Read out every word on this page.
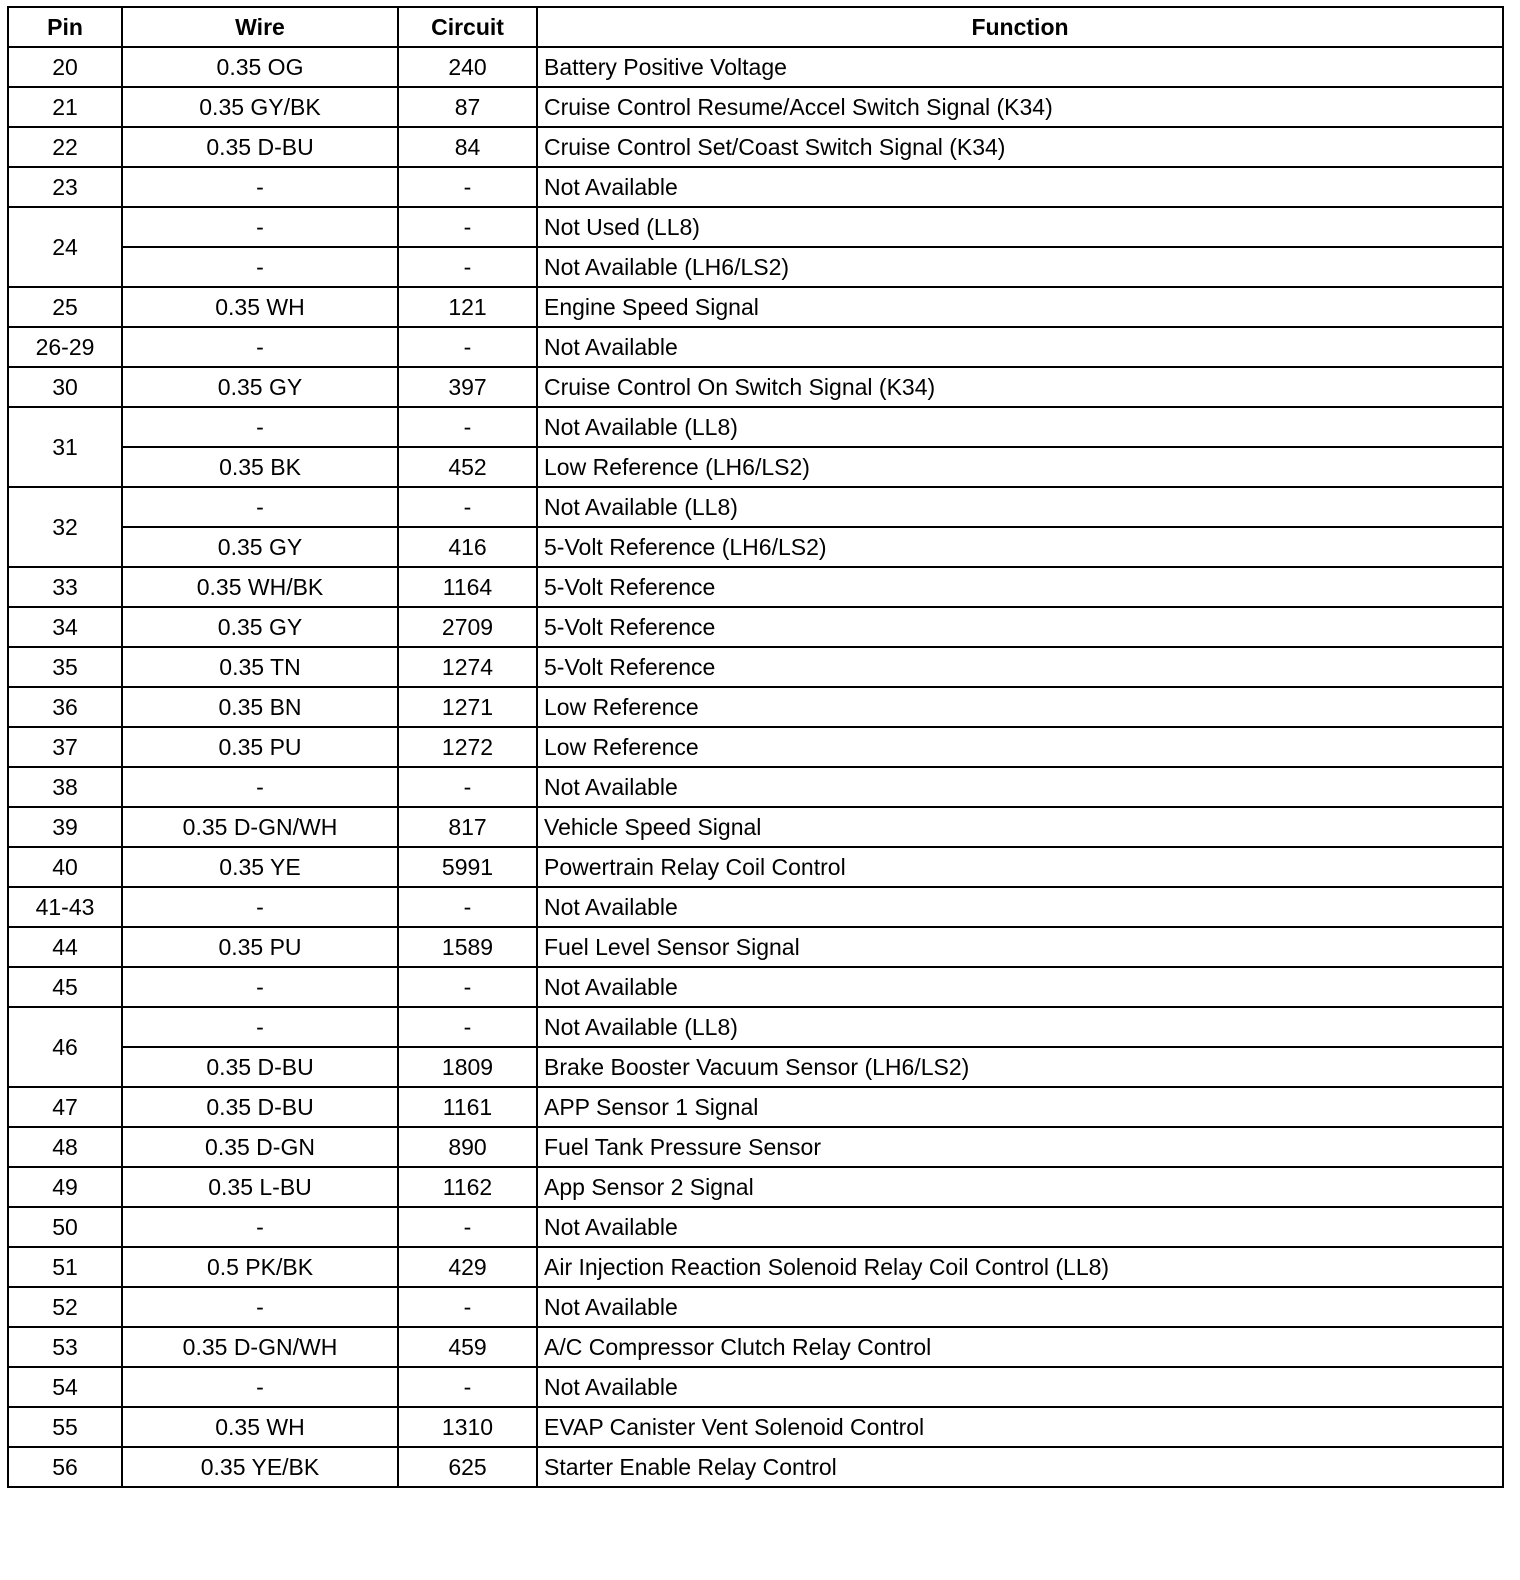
Pin	Wire	Circuit	Function
20	0.35 OG	240	Battery Positive Voltage
21	0.35 GY/BK	87	Cruise Control Resume/Accel Switch Signal (K34)
22	0.35 D-BU	84	Cruise Control Set/Coast Switch Signal (K34)
23	-	-	Not Available
24	-	-	Not Used (LL8)
	-	-	Not Available (LH6/LS2)
25	0.35 WH	121	Engine Speed Signal
26-29	-	-	Not Available
30	0.35 GY	397	Cruise Control On Switch Signal (K34)
31	-	-	Not Available (LL8)
	0.35 BK	452	Low Reference (LH6/LS2)
32	-	-	Not Available (LL8)
	0.35 GY	416	5-Volt Reference (LH6/LS2)
33	0.35 WH/BK	1164	5-Volt Reference
34	0.35 GY	2709	5-Volt Reference
35	0.35 TN	1274	5-Volt Reference
36	0.35 BN	1271	Low Reference
37	0.35 PU	1272	Low Reference
38	-	-	Not Available
39	0.35 D-GN/WH	817	Vehicle Speed Signal
40	0.35 YE	5991	Powertrain Relay Coil Control
41-43	-	-	Not Available
44	0.35 PU	1589	Fuel Level Sensor Signal
45	-	-	Not Available
46	-	-	Not Available (LL8)
	0.35 D-BU	1809	Brake Booster Vacuum Sensor (LH6/LS2)
47	0.35 D-BU	1161	APP Sensor 1 Signal
48	0.35 D-GN	890	Fuel Tank Pressure Sensor
49	0.35 L-BU	1162	App Sensor 2 Signal
50	-	-	Not Available
51	0.5 PK/BK	429	Air Injection Reaction Solenoid Relay Coil Control (LL8)
52	-	-	Not Available
53	0.35 D-GN/WH	459	A/C Compressor Clutch Relay Control
54	-	-	Not Available
55	0.35 WH	1310	EVAP Canister Vent Solenoid Control
56	0.35 YE/BK	625	Starter Enable Relay Control
